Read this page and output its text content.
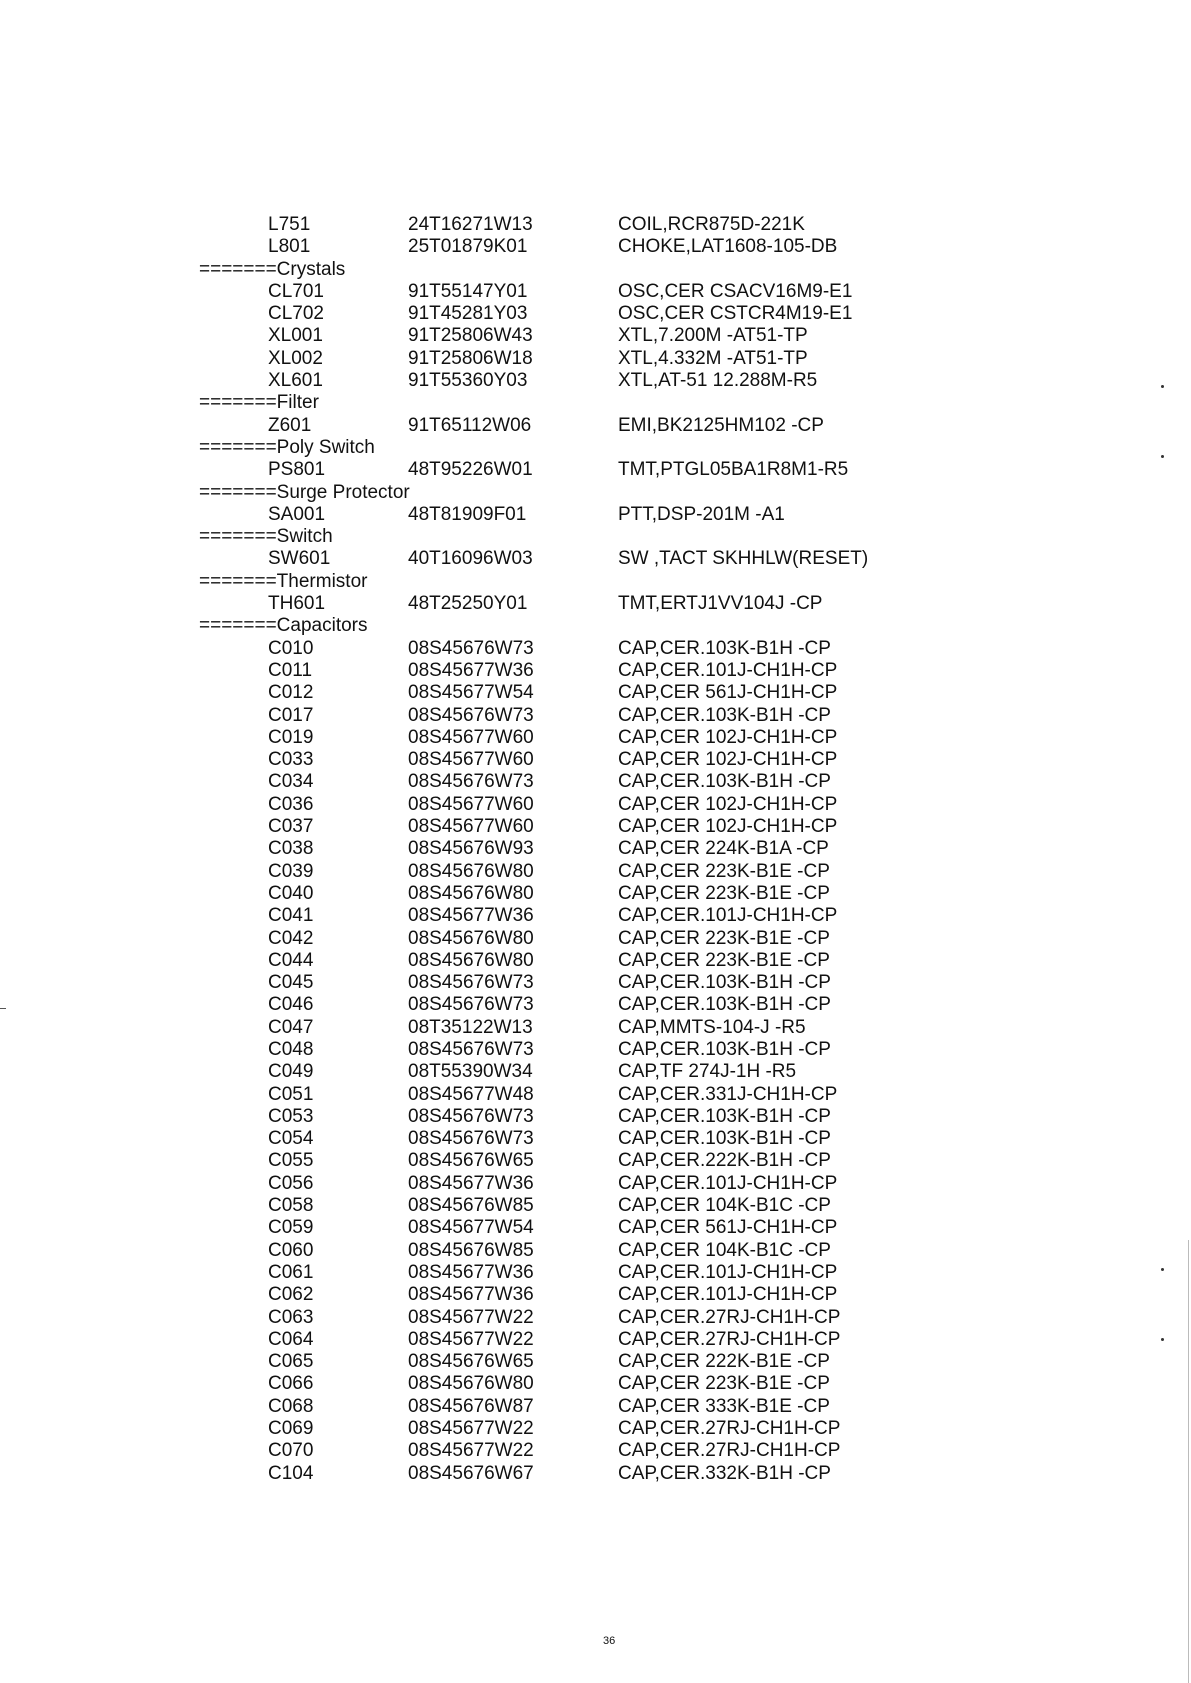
L751	24T16271W13	COIL,RCR875D-221K
L801	25T01879K01	CHOKE,LAT1608-105-DB
=======Crystals
CL701	91T55147Y01	OSC,CER CSACV16M9-E1
CL702	91T45281Y03	OSC,CER CSTCR4M19-E1
XL001	91T25806W43	XTL,7.200M -AT51-TP
XL002	91T25806W18	XTL,4.332M -AT51-TP
XL601	91T55360Y03	XTL,AT-51 12.288M-R5
=======Filter
Z601	91T65112W06	EMI,BK2125HM102 -CP
=======Poly Switch
PS801	48T95226W01	TMT,PTGL05BA1R8M1-R5
=======Surge Protector
SA001	48T81909F01	PTT,DSP-201M -A1
=======Switch
SW601	40T16096W03	SW ,TACT SKHHLW(RESET)
=======Thermistor
TH601	48T25250Y01	TMT,ERTJ1VV104J -CP
=======Capacitors
C010	08S45676W73	CAP,CER.103K-B1H -CP
C011	08S45677W36	CAP,CER.101J-CH1H-CP
C012	08S45677W54	CAP,CER 561J-CH1H-CP
C017	08S45676W73	CAP,CER.103K-B1H -CP
C019	08S45677W60	CAP,CER 102J-CH1H-CP
C033	08S45677W60	CAP,CER 102J-CH1H-CP
C034	08S45676W73	CAP,CER.103K-B1H -CP
C036	08S45677W60	CAP,CER 102J-CH1H-CP
C037	08S45677W60	CAP,CER 102J-CH1H-CP
C038	08S45676W93	CAP,CER 224K-B1A -CP
C039	08S45676W80	CAP,CER 223K-B1E -CP
C040	08S45676W80	CAP,CER 223K-B1E -CP
C041	08S45677W36	CAP,CER.101J-CH1H-CP
C042	08S45676W80	CAP,CER 223K-B1E -CP
C044	08S45676W80	CAP,CER 223K-B1E -CP
C045	08S45676W73	CAP,CER.103K-B1H -CP
C046	08S45676W73	CAP,CER.103K-B1H -CP
C047	08T35122W13	CAP,MMTS-104-J -R5
C048	08S45676W73	CAP,CER.103K-B1H -CP
C049	08T55390W34	CAP,TF 274J-1H -R5
C051	08S45677W48	CAP,CER.331J-CH1H-CP
C053	08S45676W73	CAP,CER.103K-B1H -CP
C054	08S45676W73	CAP,CER.103K-B1H -CP
C055	08S45676W65	CAP,CER.222K-B1H -CP
C056	08S45677W36	CAP,CER.101J-CH1H-CP
C058	08S45676W85	CAP,CER 104K-B1C -CP
C059	08S45677W54	CAP,CER 561J-CH1H-CP
C060	08S45676W85	CAP,CER 104K-B1C -CP
C061	08S45677W36	CAP,CER.101J-CH1H-CP
C062	08S45677W36	CAP,CER.101J-CH1H-CP
C063	08S45677W22	CAP,CER.27RJ-CH1H-CP
C064	08S45677W22	CAP,CER.27RJ-CH1H-CP
C065	08S45676W65	CAP,CER 222K-B1E -CP
C066	08S45676W80	CAP,CER 223K-B1E -CP
C068	08S45676W87	CAP,CER 333K-B1E -CP
C069	08S45677W22	CAP,CER.27RJ-CH1H-CP
C070	08S45677W22	CAP,CER.27RJ-CH1H-CP
C104	08S45676W67	CAP,CER.332K-B1H -CP
36
